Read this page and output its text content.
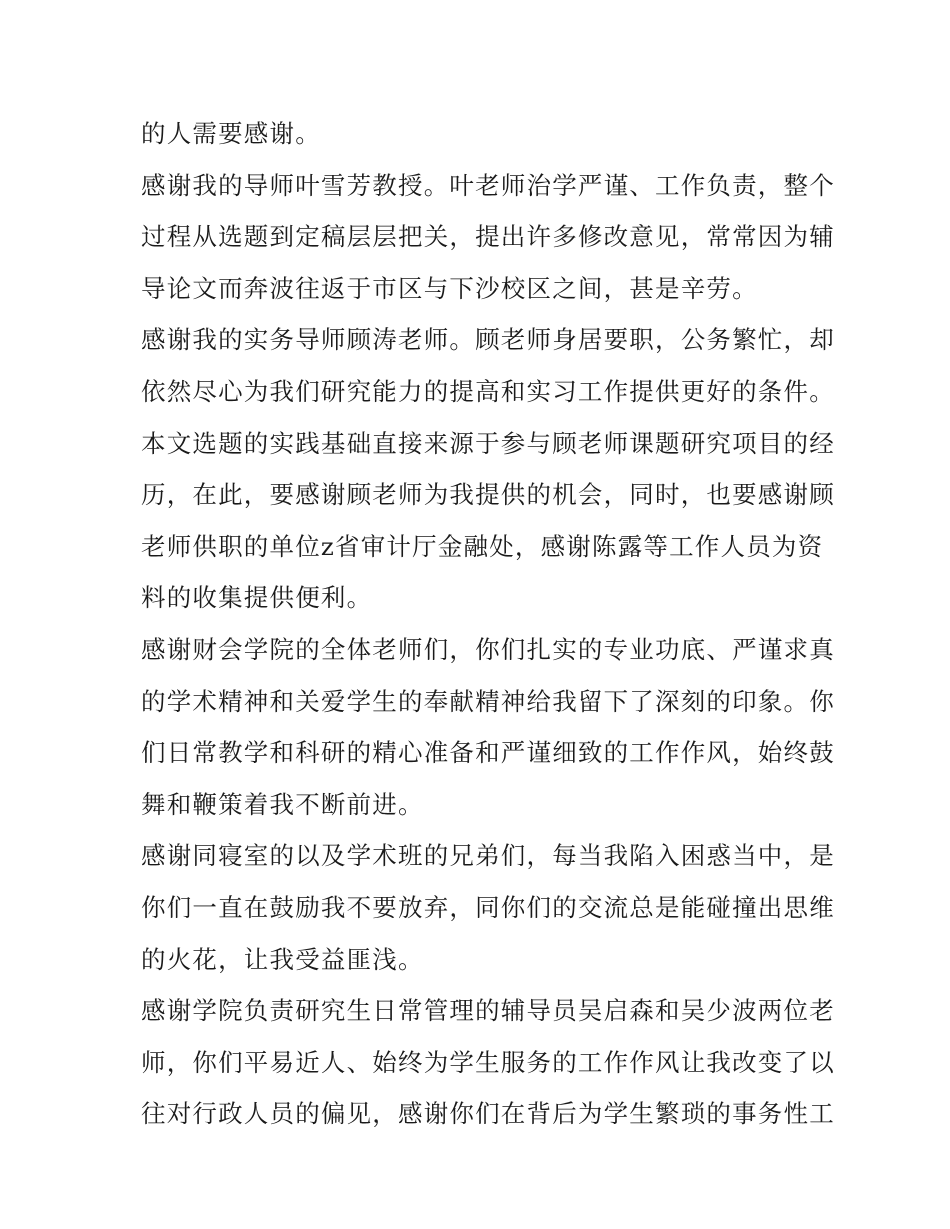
的人需要感谢。
感谢我的导师叶雪芳教授。叶老师治学严谨、工作负责，整个
过程从选题到定稿层层把关，提出许多修改意见，常常因为辅
导论文而奔波往返于市区与下沙校区之间，甚是辛劳。
感谢我的实务导师顾涛老师。顾老师身居要职，公务繁忙，却
依然尽心为我们研究能力的提高和实习工作提供更好的条件。
本文选题的实践基础直接来源于参与顾老师课题研究项目的经
历，在此，要感谢顾老师为我提供的机会，同时，也要感谢顾
老师供职的单位z省审计厅金融处，感谢陈露等工作人员为资
料的收集提供便利。
感谢财会学院的全体老师们，你们扎实的专业功底、严谨求真
的学术精神和关爱学生的奉献精神给我留下了深刻的印象。你
们日常教学和科研的精心准备和严谨细致的工作作风，始终鼓
舞和鞭策着我不断前进。
感谢同寝室的以及学术班的兄弟们，每当我陷入困惑当中，是
你们一直在鼓励我不要放弃，同你们的交流总是能碰撞出思维
的火花，让我受益匪浅。
感谢学院负责研究生日常管理的辅导员吴启森和吴少波两位老
师，你们平易近人、始终为学生服务的工作作风让我改变了以
往对行政人员的偏见，感谢你们在背后为学生繁琐的事务性工
